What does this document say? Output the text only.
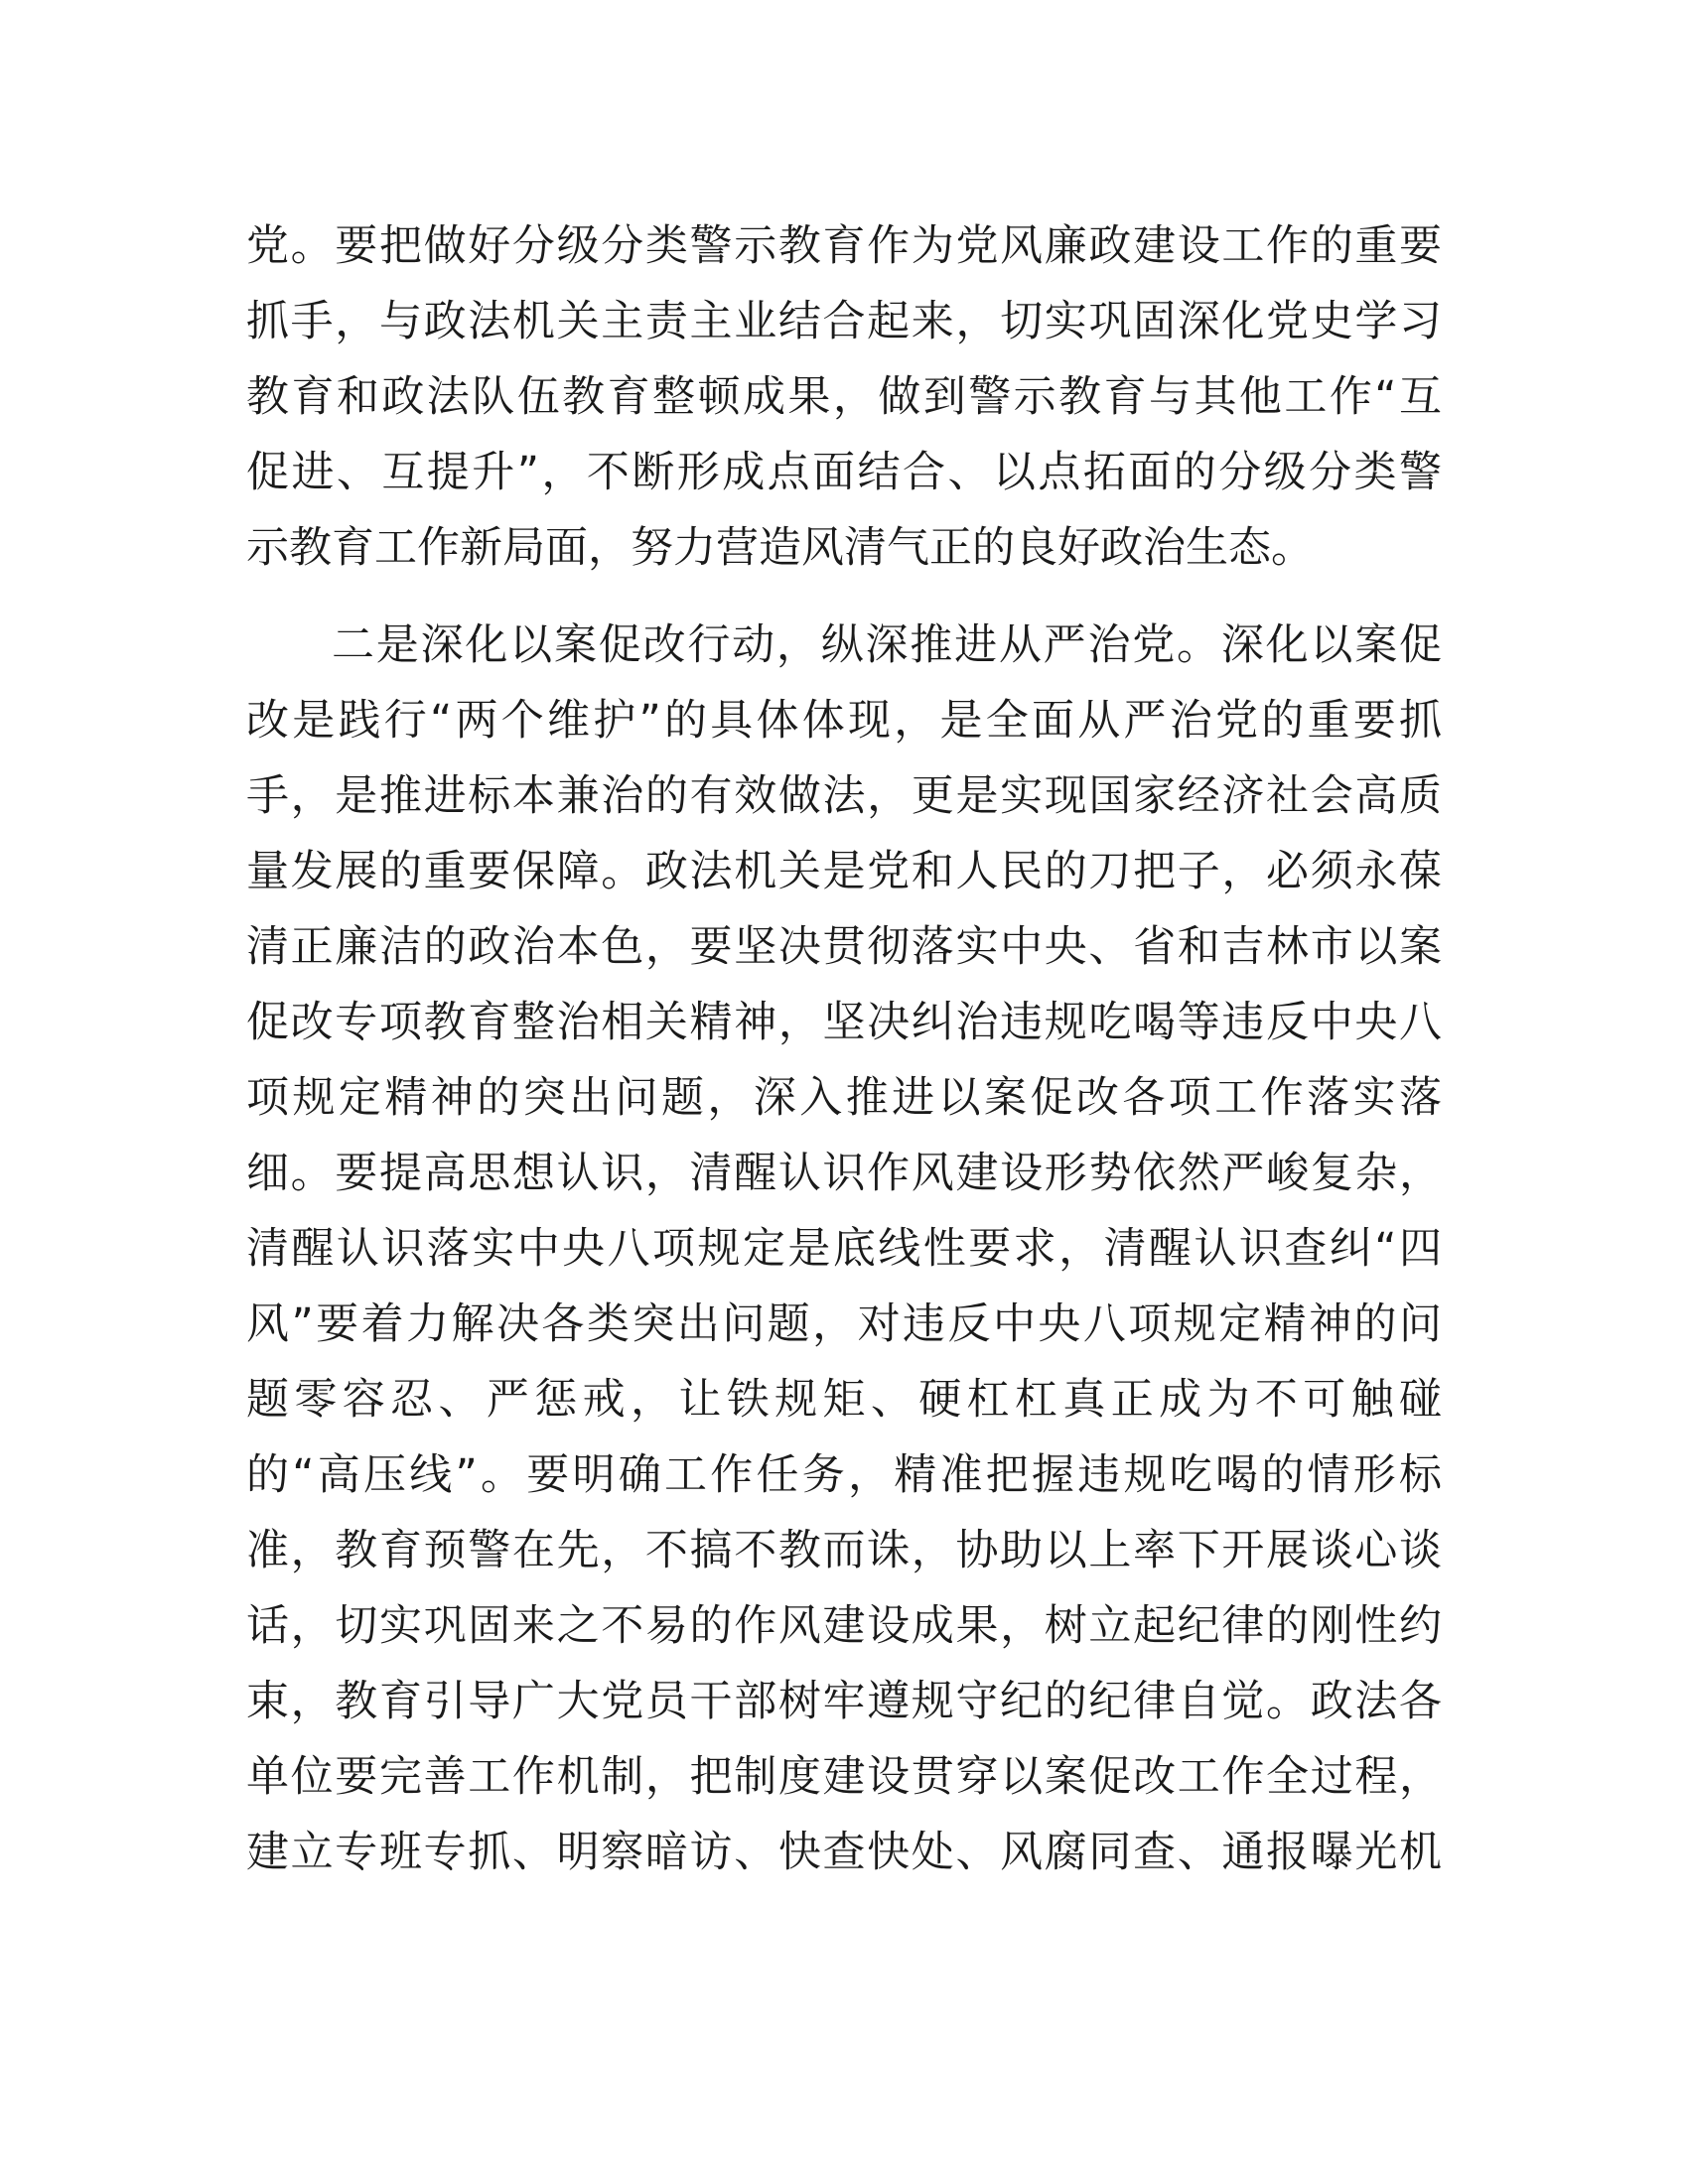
党。要把做好分级分类警示教育作为党风廉政建设工作的重要
抓手，与政法机关主责主业结合起来，切实巩固深化党史学习
教育和政法队伍教育整顿成果，做到警示教育与其他工作“互
促进、互提升”，不断形成点面结合、以点拓面的分级分类警
示教育工作新局面，努力营造风清气正的良好政治生态。
二是深化以案促改行动，纵深推进从严治党。深化以案促
改是践行“两个维护”的具体体现，是全面从严治党的重要抓
手，是推进标本兼治的有效做法，更是实现国家经济社会高质
量发展的重要保障。政法机关是党和人民的刀把子，必须永葆
清正廉洁的政治本色，要坚决贯彻落实中央、省和吉林市以案
促改专项教育整治相关精神，坚决纠治违规吃喝等违反中央八
项规定精神的突出问题，深入推进以案促改各项工作落实落
细。要提高思想认识，清醒认识作风建设形势依然严峻复杂，
清醒认识落实中央八项规定是底线性要求，清醒认识查纠“四
风”要着力解决各类突出问题，对违反中央八项规定精神的问
题零容忍、严惩戒，让铁规矩、硬杠杠真正成为不可触碰
的“高压线”。要明确工作任务，精准把握违规吃喝的情形标
准，教育预警在先，不搞不教而诛，协助以上率下开展谈心谈
话，切实巩固来之不易的作风建设成果，树立起纪律的刚性约
束，教育引导广大党员干部树牢遵规守纪的纪律自觉。政法各
单位要完善工作机制，把制度建设贯穿以案促改工作全过程，
建立专班专抓、明察暗访、快查快处、风腐同查、通报曝光机
